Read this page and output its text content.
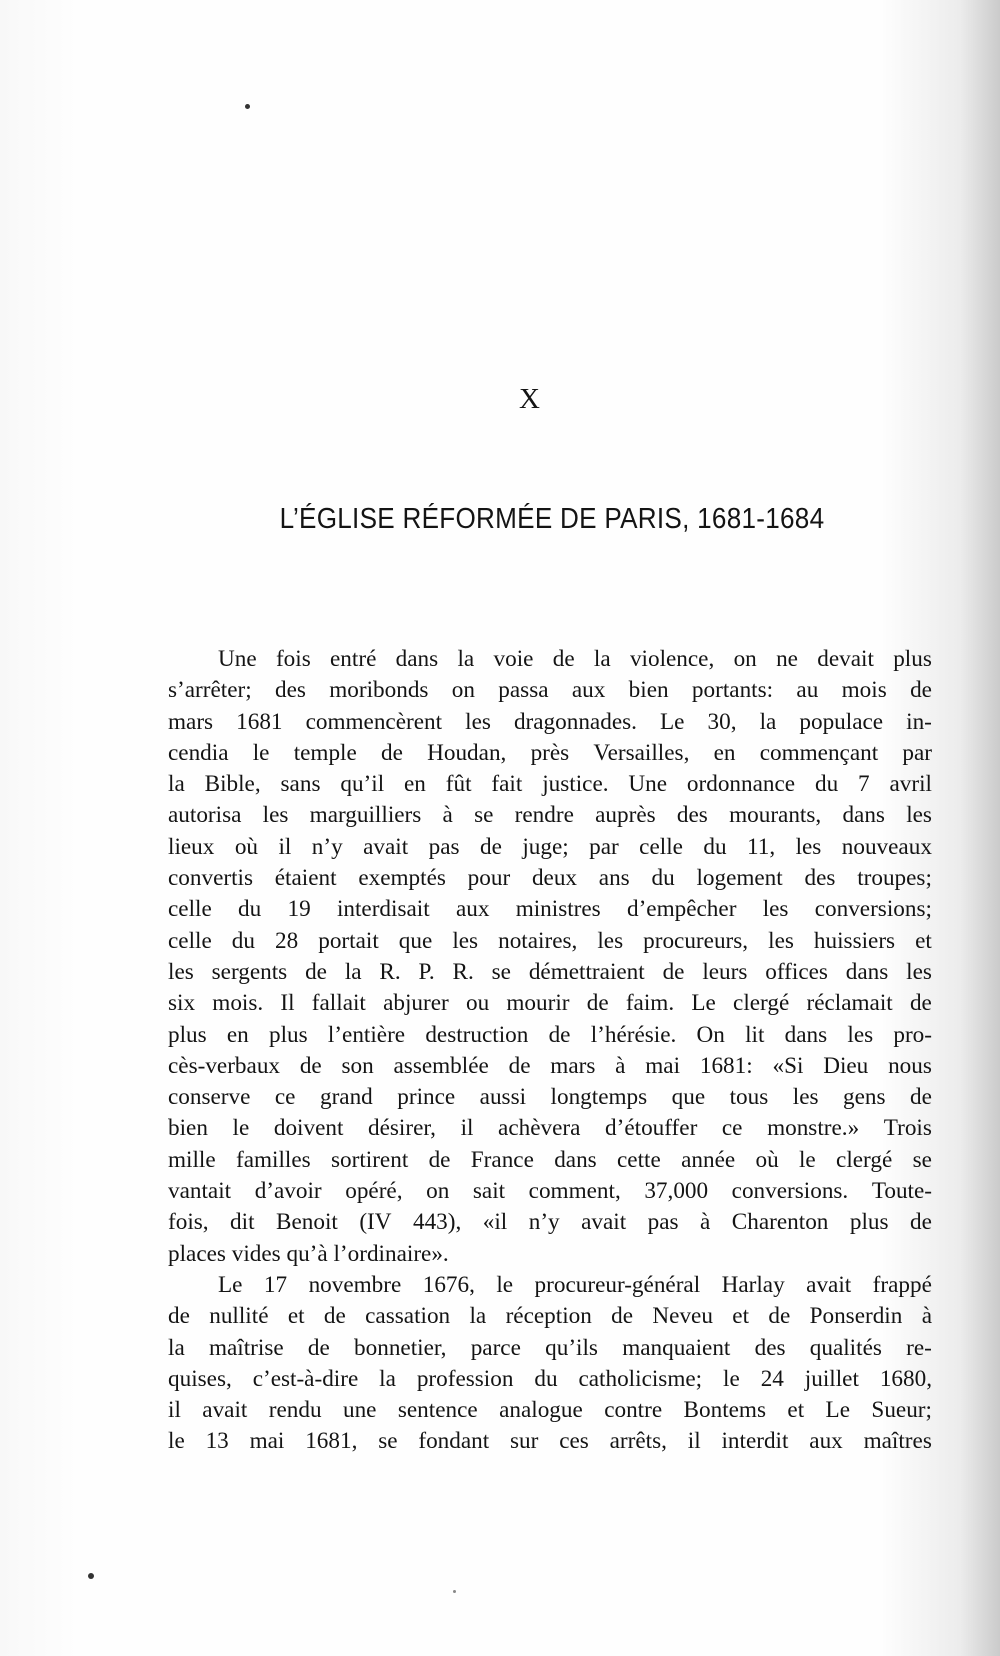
X
L’ÉGLISE RÉFORMÉE DE PARIS, 1681-1684
Une fois entré dans la voie de la violence, on ne devait plus
s’arrêter; des moribonds on passa aux bien portants: au mois de
mars 1681 commencèrent les dragonnades. Le 30, la populace in-
cendia le temple de Houdan, près Versailles, en commençant par
la Bible, sans qu’il en fût fait justice. Une ordonnance du 7 avril
autorisa les marguilliers à se rendre auprès des mourants, dans les
lieux où il n’y avait pas de juge; par celle du 11, les nouveaux
convertis étaient exemptés pour deux ans du logement des troupes;
celle du 19 interdisait aux ministres d’empêcher les conversions;
celle du 28 portait que les notaires, les procureurs, les huissiers et
les sergents de la R. P. R. se démettraient de leurs offices dans les
six mois. Il fallait abjurer ou mourir de faim. Le clergé réclamait de
plus en plus l’entière destruction de l’hérésie. On lit dans les pro-
cès-verbaux de son assemblée de mars à mai 1681: «Si Dieu nous
conserve ce grand prince aussi longtemps que tous les gens de
bien le doivent désirer, il achèvera d’étouffer ce monstre.» Trois
mille familles sortirent de France dans cette année où le clergé se
vantait d’avoir opéré, on sait comment, 37,000 conversions. Toute-
fois, dit Benoit (IV 443), «il n’y avait pas à Charenton plus de
places vides qu’à l’ordinaire».
Le 17 novembre 1676, le procureur-général Harlay avait frappé
de nullité et de cassation la réception de Neveu et de Ponserdin à
la maîtrise de bonnetier, parce qu’ils manquaient des qualités re-
quises, c’est-à-dire la profession du catholicisme; le 24 juillet 1680,
il avait rendu une sentence analogue contre Bontems et Le Sueur;
le 13 mai 1681, se fondant sur ces arrêts, il interdit aux maîtres
